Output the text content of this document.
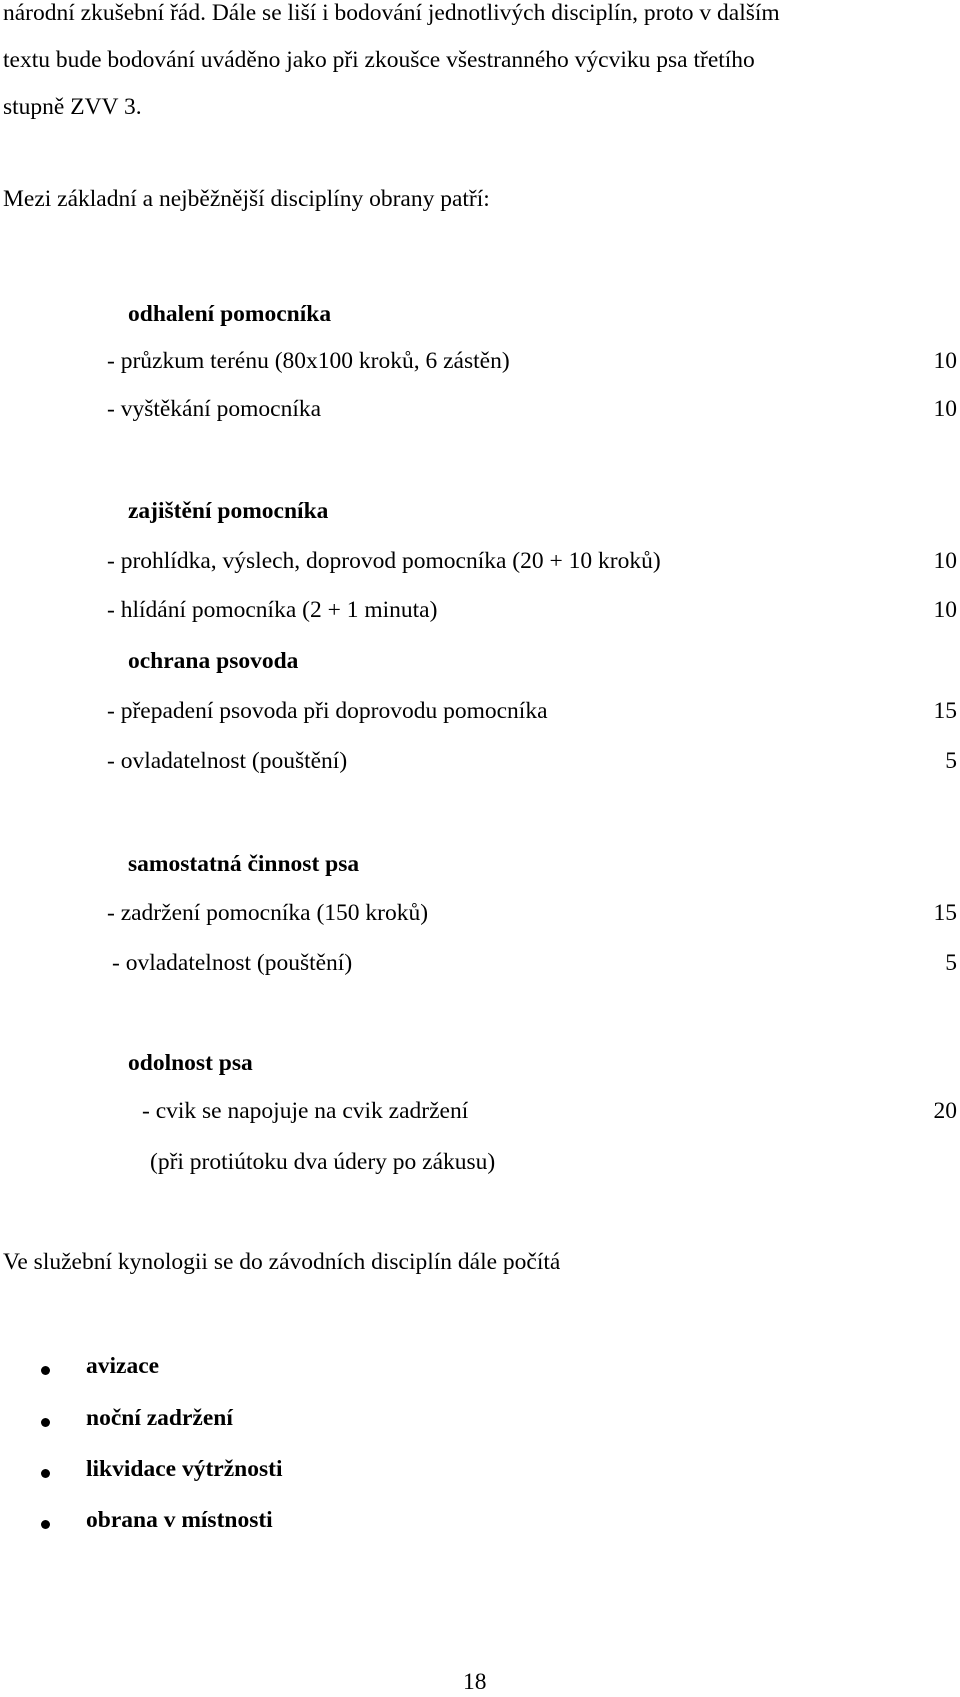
národní zkušební řád. Dále se liší i bodování jednotlivých disciplín, proto v dalším
textu bude bodování uváděno jako při zkoušce všestranného výcviku psa třetího
stupně ZVV 3.
Mezi základní a nejběžnější disciplíny obrany patří:
odhalení pomocníka
- průzkum terénu (80x100 kroků, 6 zástěn)	10
- vyštěkání pomocníka	10
zajištění pomocníka
- prohlídka, výslech, doprovod pomocníka (20 + 10 kroků)	10
- hlídání pomocníka (2 + 1 minuta)	10
ochrana psovoda
- přepadení psovoda při doprovodu pomocníka	15
- ovladatelnost (pouštění)	5
samostatná činnost psa
- zadržení pomocníka (150 kroků)	15
- ovladatelnost (pouštění)	5
odolnost psa
- cvik se napojuje na cvik zadržení	20
(při protiútoku dva údery po zákusu)
Ve služební kynologii se do závodních disciplín dále počítá
avizace
noční zadržení
likvidace výtržnosti
obrana v místnosti
18
